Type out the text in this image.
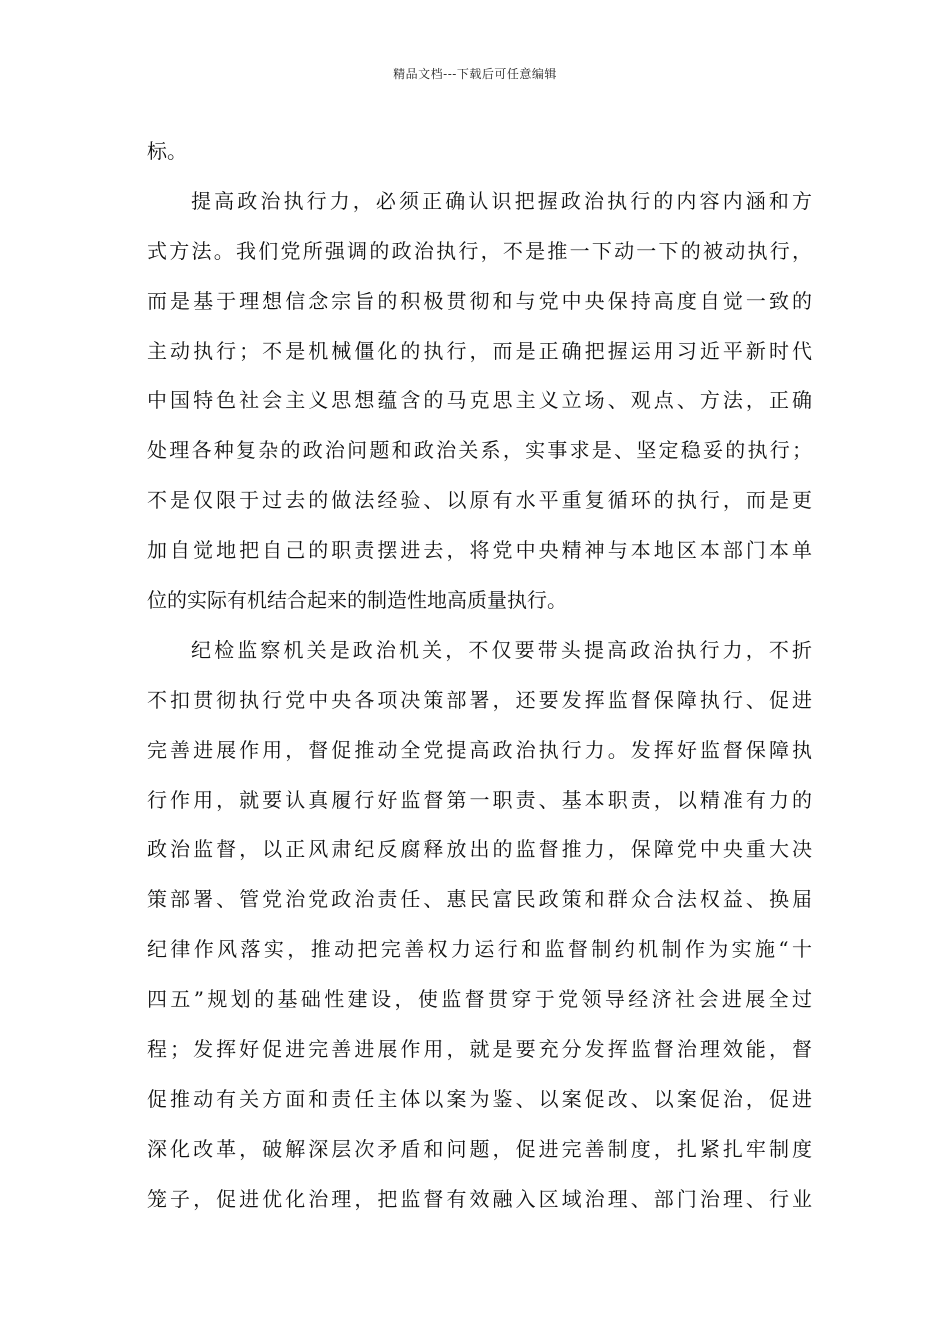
精品文档---下载后可任意编辑
标。
提高政治执行力，必须正确认识把握政治执行的内容内涵和方
式方法。我们党所强调的政治执行，不是推一下动一下的被动执行，
而是基于理想信念宗旨的积极贯彻和与党中央保持高度自觉一致的
主动执行；不是机械僵化的执行，而是正确把握运用习近平新时代
中国特色社会主义思想蕴含的马克思主义立场、观点、方法，正确
处理各种复杂的政治问题和政治关系，实事求是、坚定稳妥的执行；
不是仅限于过去的做法经验、以原有水平重复循环的执行，而是更
加自觉地把自己的职责摆进去，将党中央精神与本地区本部门本单
位的实际有机结合起来的制造性地高质量执行。
纪检监察机关是政治机关，不仅要带头提高政治执行力，不折
不扣贯彻执行党中央各项决策部署，还要发挥监督保障执行、促进
完善进展作用，督促推动全党提高政治执行力。发挥好监督保障执
行作用，就要认真履行好监督第一职责、基本职责，以精准有力的
政治监督，以正风肃纪反腐释放出的监督推力，保障党中央重大决
策部署、管党治党政治责任、惠民富民政策和群众合法权益、换届
纪律作风落实，推动把完善权力运行和监督制约机制作为实施“十
四五”规划的基础性建设，使监督贯穿于党领导经济社会进展全过
程；发挥好促进完善进展作用，就是要充分发挥监督治理效能，督
促推动有关方面和责任主体以案为鉴、以案促改、以案促治，促进
深化改革，破解深层次矛盾和问题，促进完善制度，扎紧扎牢制度
笼子，促进优化治理，把监督有效融入区域治理、部门治理、行业
